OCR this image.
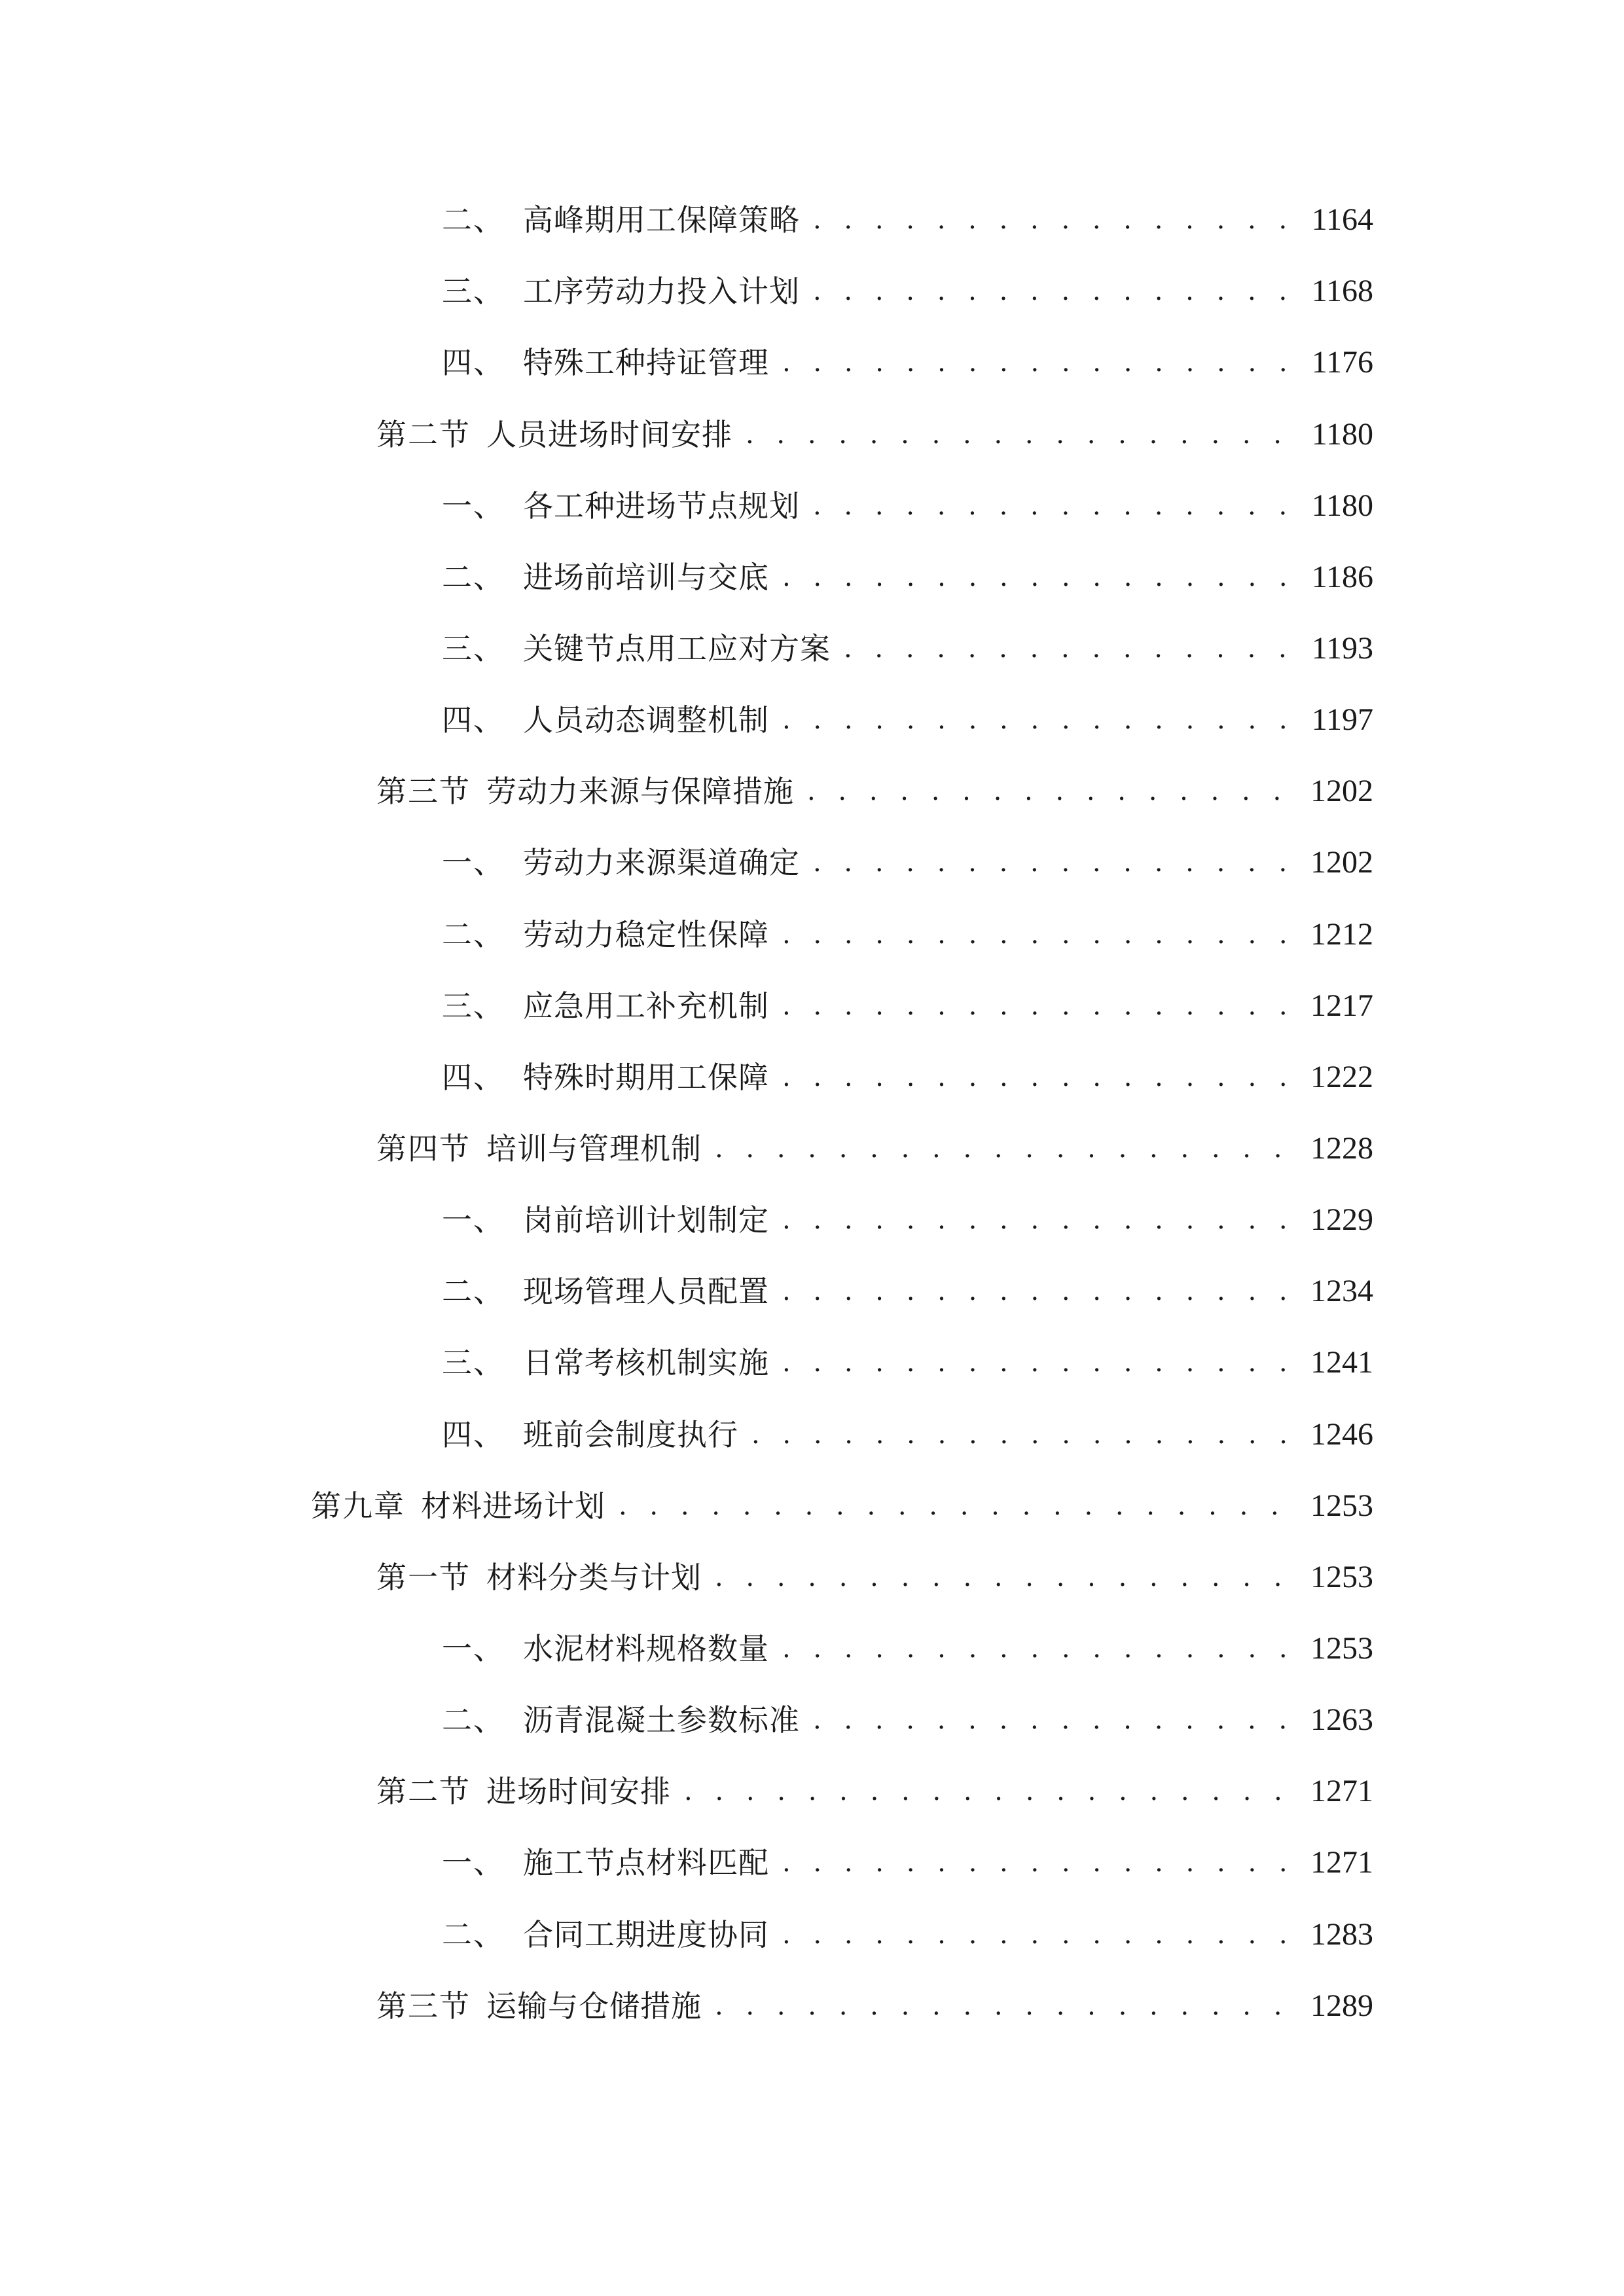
二、 高峰期用工保障策略 . . .	1164
三、 工序劳动力投入计划 . . .	1168
四、 特殊工种持证管理 . . .	1176
第二节 人员进场时间安排 . . .	1180
一、 各工种进场节点规划 . . .	1180
二、 进场前培训与交底 . . .	1186
三、 关键节点用工应对方案 . . .	1193
四、 人员动态调整机制 . . .	1197
第三节 劳动力来源与保障措施 . . .	1202
一、 劳动力来源渠道确定 . . .	1202
二、 劳动力稳定性保障 . . .	1212
三、 应急用工补充机制 . . .	1217
四、 特殊时期用工保障 . . .	1222
第四节 培训与管理机制 . . .	1228
一、 岗前培训计划制定 . . .	1229
二、 现场管理人员配置 . . .	1234
三、 日常考核机制实施 . . .	1241
四、 班前会制度执行 . . .	1246
第九章 材料进场计划 . . .	1253
第一节 材料分类与计划 . . .	1253
一、 水泥材料规格数量 . . .	1253
二、 沥青混凝土参数标准 . . .	1263
第二节 进场时间安排 . . .	1271
一、 施工节点材料匹配 . . .	1271
二、 合同工期进度协同 . . .	1283
第三节 运输与仓储措施 . . .	1289
